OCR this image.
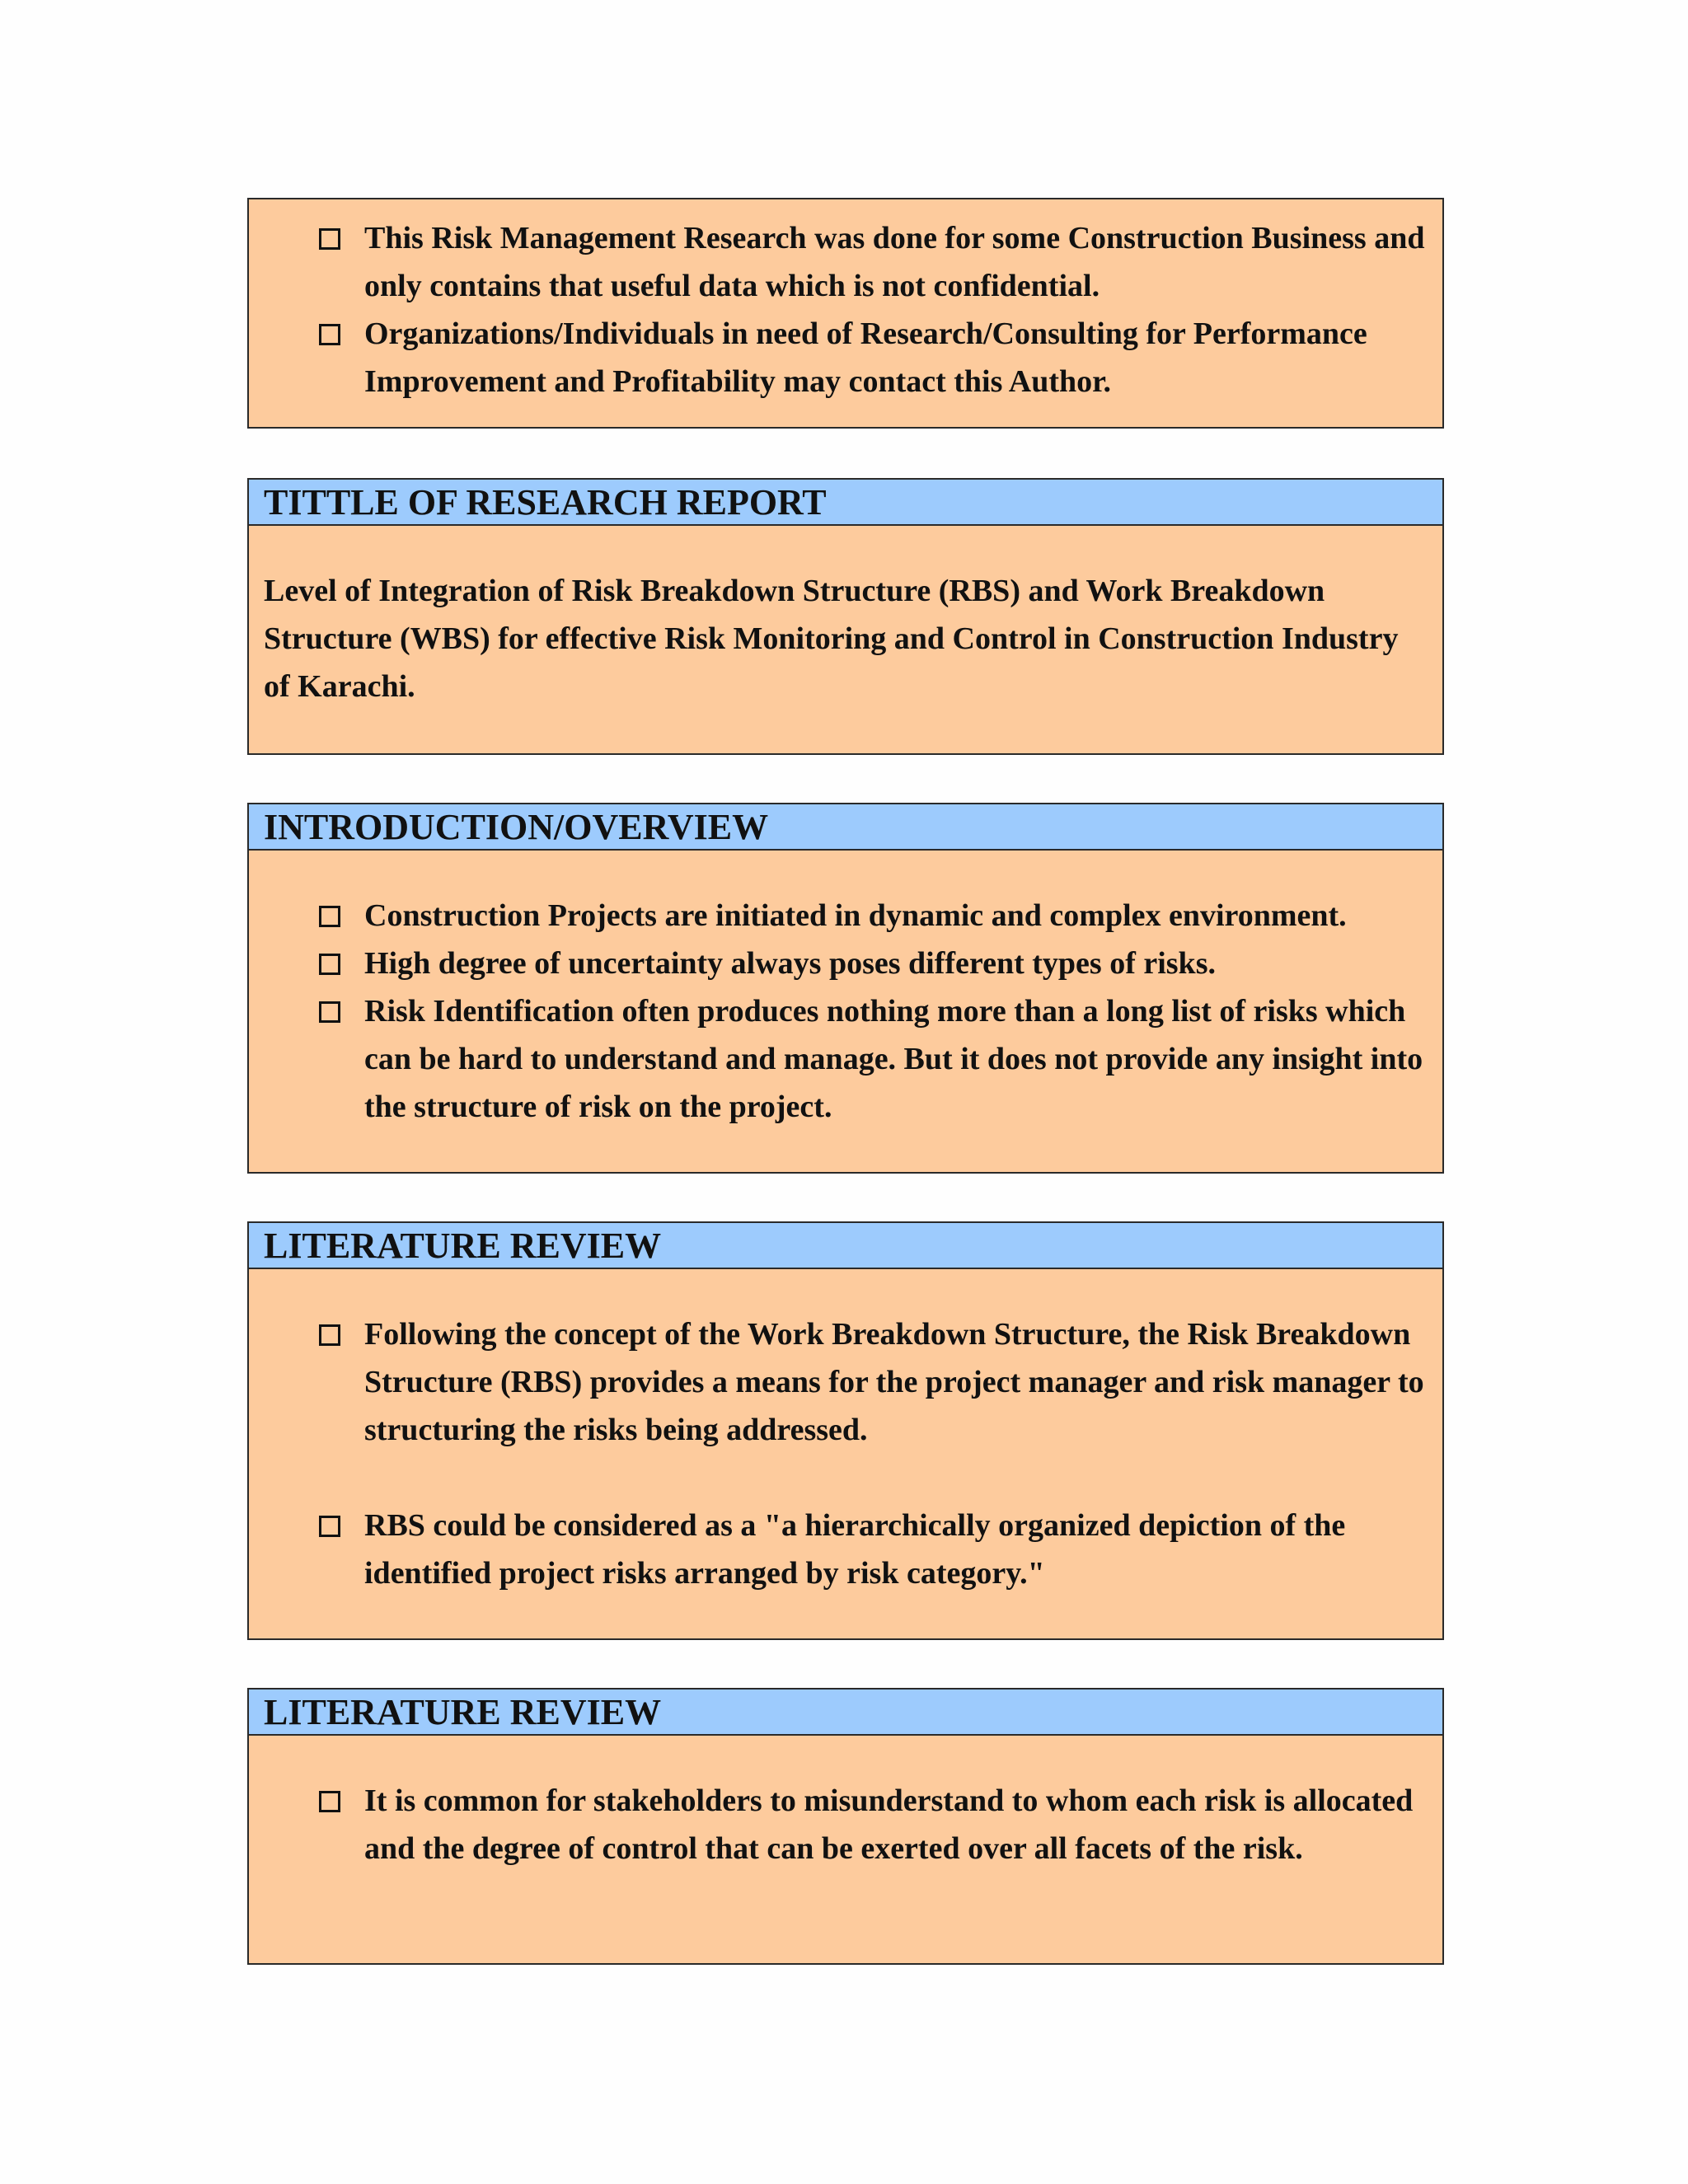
This Risk Management Research was done for some Construction Business and only contains that useful data which is not confidential.
Organizations/Individuals in need of Research/Consulting for Performance Improvement and Profitability may contact this Author.
TITTLE OF RESEARCH REPORT

Level of Integration of Risk Breakdown Structure (RBS) and Work Breakdown Structure (WBS) for effective Risk Monitoring and Control in Construction Industry of Karachi.

INTRODUCTION/OVERVIEW
Construction Projects are initiated in dynamic and complex environment.
High degree of uncertainty always poses different types of risks.
Risk Identification often produces nothing more than a long list of risks which can be hard to understand and manage. But it does not provide any insight into the structure of risk on the project.
LITERATURE REVIEW
Following the concept of the Work Breakdown Structure, the Risk Breakdown Structure (RBS) provides a means for the project manager and risk manager to structuring the risks being addressed.
RBS could be considered as a "a hierarchically organized depiction of the identified project risks arranged by risk category."
LITERATURE REVIEW
It is common for stakeholders to misunderstand to whom each risk is allocated and the degree of control that can be exerted over all facets of the risk.
